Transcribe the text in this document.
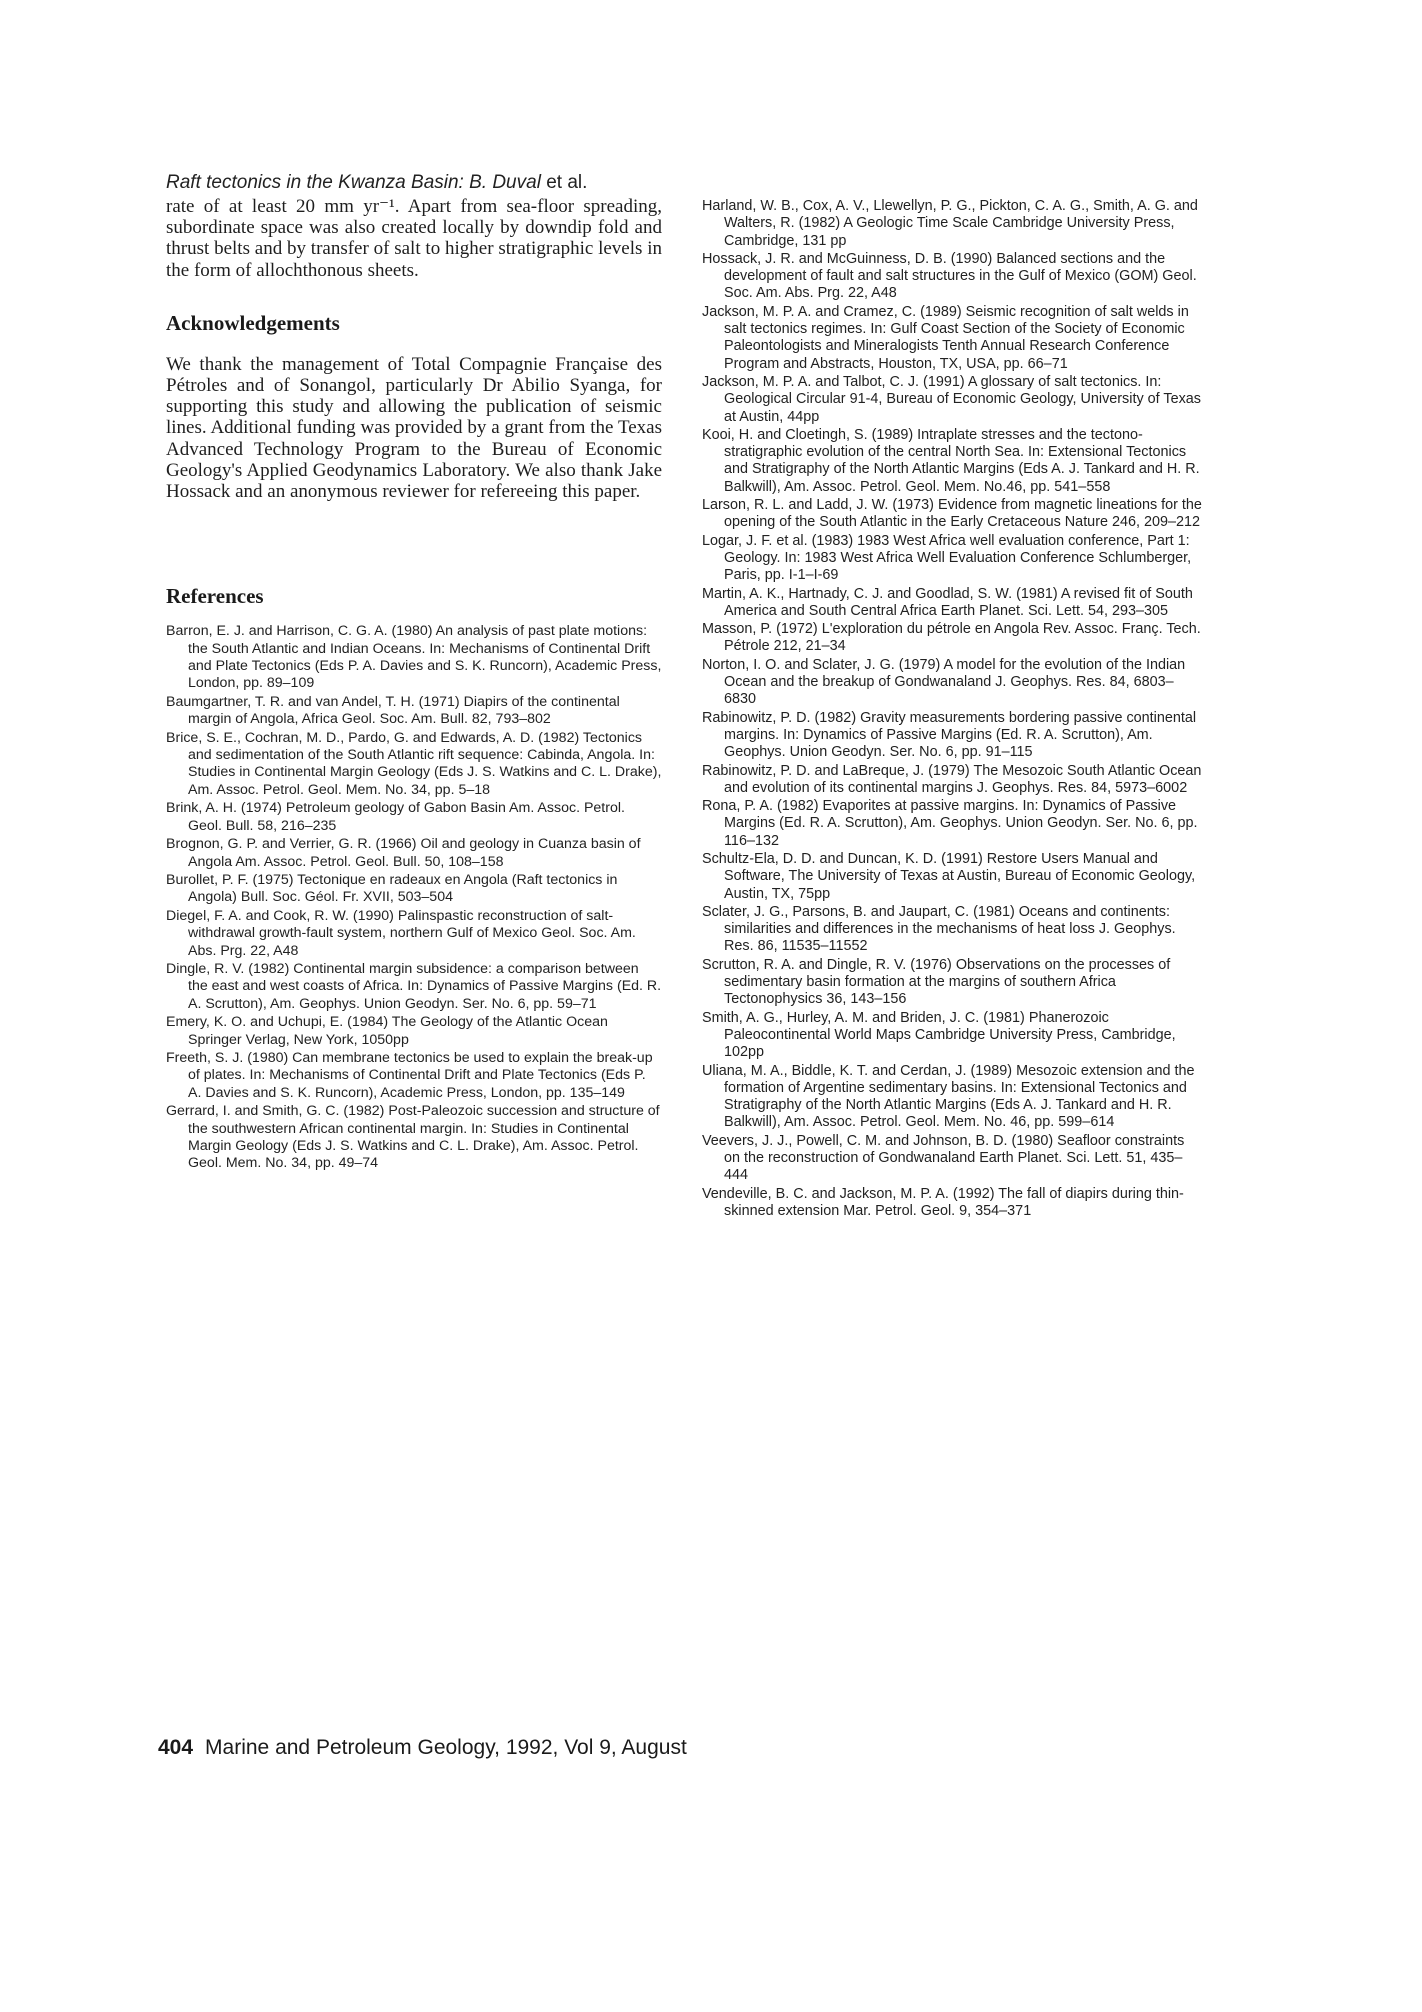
Raft tectonics in the Kwanza Basin: B. Duval et al.

rate of at least 20 mm yr⁻¹. Apart from sea-floor spreading, subordinate space was also created locally by downdip fold and thrust belts and by transfer of salt to higher stratigraphic levels in the form of allochthonous sheets.

Acknowledgements

We thank the management of Total Compagnie Française des Pétroles and of Sonangol, particularly Dr Abilio Syanga, for supporting this study and allowing the publication of seismic lines. Additional funding was provided by a grant from the Texas Advanced Technology Program to the Bureau of Economic Geology's Applied Geodynamics Laboratory. We also thank Jake Hossack and an anonymous reviewer for refereeing this paper.

References

Barron, E. J. and Harrison, C. G. A. (1980) An analysis of past plate motions: the South Atlantic and Indian Oceans. In: Mechanisms of Continental Drift and Plate Tectonics (Eds P. A. Davies and S. K. Runcorn), Academic Press, London, pp. 89–109

Baumgartner, T. R. and van Andel, T. H. (1971) Diapirs of the continental margin of Angola, Africa Geol. Soc. Am. Bull. 82, 793–802

Brice, S. E., Cochran, M. D., Pardo, G. and Edwards, A. D. (1982) Tectonics and sedimentation of the South Atlantic rift sequence: Cabinda, Angola. In: Studies in Continental Margin Geology (Eds J. S. Watkins and C. L. Drake), Am. Assoc. Petrol. Geol. Mem. No. 34, pp. 5–18

Brink, A. H. (1974) Petroleum geology of Gabon Basin Am. Assoc. Petrol. Geol. Bull. 58, 216–235

Brognon, G. P. and Verrier, G. R. (1966) Oil and geology in Cuanza basin of Angola Am. Assoc. Petrol. Geol. Bull. 50, 108–158

Burollet, P. F. (1975) Tectonique en radeaux en Angola (Raft tectonics in Angola) Bull. Soc. Géol. Fr. XVII, 503–504

Diegel, F. A. and Cook, R. W. (1990) Palinspastic reconstruction of salt-withdrawal growth-fault system, northern Gulf of Mexico Geol. Soc. Am. Abs. Prg. 22, A48

Dingle, R. V. (1982) Continental margin subsidence: a comparison between the east and west coasts of Africa. In: Dynamics of Passive Margins (Ed. R. A. Scrutton), Am. Geophys. Union Geodyn. Ser. No. 6, pp. 59–71

Emery, K. O. and Uchupi, E. (1984) The Geology of the Atlantic Ocean Springer Verlag, New York, 1050pp

Freeth, S. J. (1980) Can membrane tectonics be used to explain the break-up of plates. In: Mechanisms of Continental Drift and Plate Tectonics (Eds P. A. Davies and S. K. Runcorn), Academic Press, London, pp. 135–149

Gerrard, I. and Smith, G. C. (1982) Post-Paleozoic succession and structure of the southwestern African continental margin. In: Studies in Continental Margin Geology (Eds J. S. Watkins and C. L. Drake), Am. Assoc. Petrol. Geol. Mem. No. 34, pp. 49–74

Harland, W. B., Cox, A. V., Llewellyn, P. G., Pickton, C. A. G., Smith, A. G. and Walters, R. (1982) A Geologic Time Scale Cambridge University Press, Cambridge, 131 pp

Hossack, J. R. and McGuinness, D. B. (1990) Balanced sections and the development of fault and salt structures in the Gulf of Mexico (GOM) Geol. Soc. Am. Abs. Prg. 22, A48

Jackson, M. P. A. and Cramez, C. (1989) Seismic recognition of salt welds in salt tectonics regimes. In: Gulf Coast Section of the Society of Economic Paleontologists and Mineralogists Tenth Annual Research Conference Program and Abstracts, Houston, TX, USA, pp. 66–71

Jackson, M. P. A. and Talbot, C. J. (1991) A glossary of salt tectonics. In: Geological Circular 91-4, Bureau of Economic Geology, University of Texas at Austin, 44pp

Kooi, H. and Cloetingh, S. (1989) Intraplate stresses and the tectono-stratigraphic evolution of the central North Sea. In: Extensional Tectonics and Stratigraphy of the North Atlantic Margins (Eds A. J. Tankard and H. R. Balkwill), Am. Assoc. Petrol. Geol. Mem. No.46, pp. 541–558

Larson, R. L. and Ladd, J. W. (1973) Evidence from magnetic lineations for the opening of the South Atlantic in the Early Cretaceous Nature 246, 209–212

Logar, J. F. et al. (1983) 1983 West Africa well evaluation conference, Part 1: Geology. In: 1983 West Africa Well Evaluation Conference Schlumberger, Paris, pp. I-1–I-69

Martin, A. K., Hartnady, C. J. and Goodlad, S. W. (1981) A revised fit of South America and South Central Africa Earth Planet. Sci. Lett. 54, 293–305

Masson, P. (1972) L'exploration du pétrole en Angola Rev. Assoc. Franç. Tech. Pétrole 212, 21–34

Norton, I. O. and Sclater, J. G. (1979) A model for the evolution of the Indian Ocean and the breakup of Gondwanaland J. Geophys. Res. 84, 6803–6830

Rabinowitz, P. D. (1982) Gravity measurements bordering passive continental margins. In: Dynamics of Passive Margins (Ed. R. A. Scrutton), Am. Geophys. Union Geodyn. Ser. No. 6, pp. 91–115

Rabinowitz, P. D. and LaBreque, J. (1979) The Mesozoic South Atlantic Ocean and evolution of its continental margins J. Geophys. Res. 84, 5973–6002

Rona, P. A. (1982) Evaporites at passive margins. In: Dynamics of Passive Margins (Ed. R. A. Scrutton), Am. Geophys. Union Geodyn. Ser. No. 6, pp. 116–132

Schultz-Ela, D. D. and Duncan, K. D. (1991) Restore Users Manual and Software, The University of Texas at Austin, Bureau of Economic Geology, Austin, TX, 75pp

Sclater, J. G., Parsons, B. and Jaupart, C. (1981) Oceans and continents: similarities and differences in the mechanisms of heat loss J. Geophys. Res. 86, 11535–11552

Scrutton, R. A. and Dingle, R. V. (1976) Observations on the processes of sedimentary basin formation at the margins of southern Africa Tectonophysics 36, 143–156

Smith, A. G., Hurley, A. M. and Briden, J. C. (1981) Phanerozoic Paleocontinental World Maps Cambridge University Press, Cambridge, 102pp

Uliana, M. A., Biddle, K. T. and Cerdan, J. (1989) Mesozoic extension and the formation of Argentine sedimentary basins. In: Extensional Tectonics and Stratigraphy of the North Atlantic Margins (Eds A. J. Tankard and H. R. Balkwill), Am. Assoc. Petrol. Geol. Mem. No. 46, pp. 599–614

Veevers, J. J., Powell, C. M. and Johnson, B. D. (1980) Seafloor constraints on the reconstruction of Gondwanaland Earth Planet. Sci. Lett. 51, 435–444

Vendeville, B. C. and Jackson, M. P. A. (1992) The fall of diapirs during thin-skinned extension Mar. Petrol. Geol. 9, 354–371

404 Marine and Petroleum Geology, 1992, Vol 9, August
